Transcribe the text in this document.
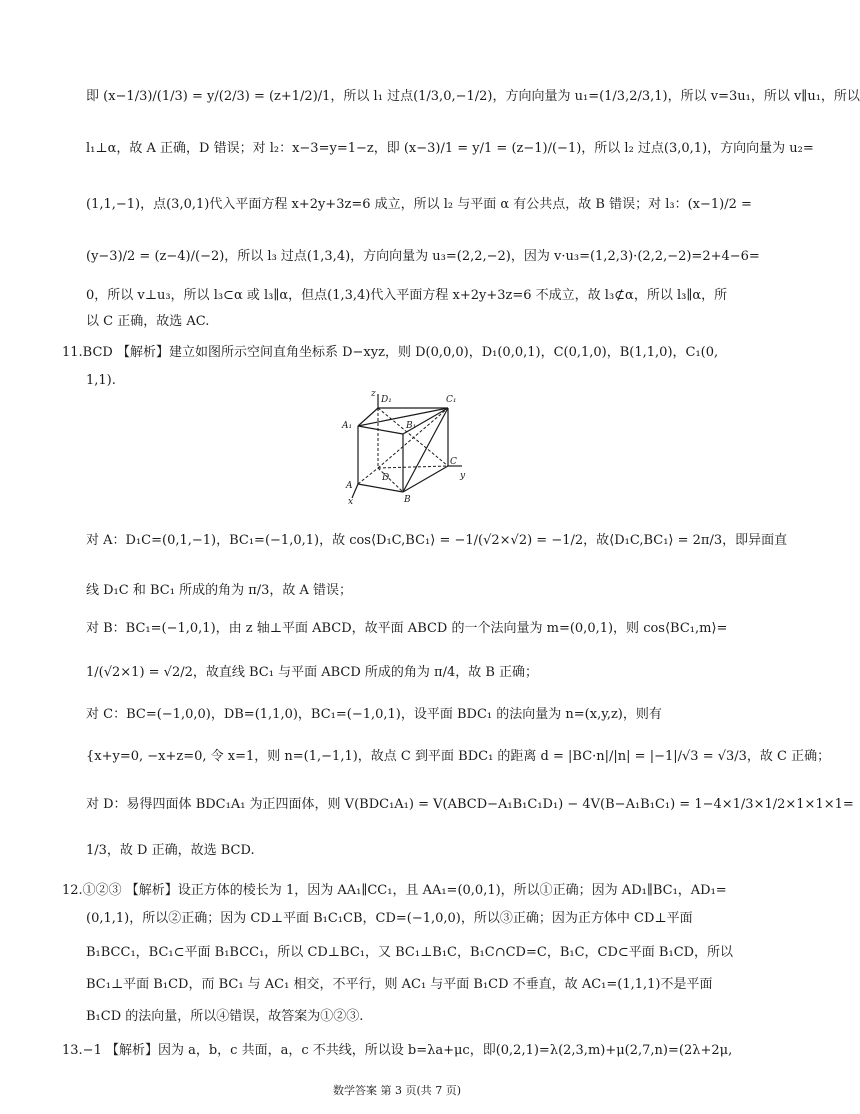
即 (x−1/3)/(1/3) = y/(2/3) = (z+1/2)/1，所以 l₁ 过点(1/3,0,−1/2)，方向向量为 u₁=(1/3,2/3,1)，所以 v=3u₁，所以 v∥u₁，所以
l₁⊥α，故 A 正确，D 错误；对 l₂：x−3=y=1−z，即 (x−3)/1 = y/1 = (z−1)/(−1)，所以 l₂ 过点(3,0,1)，方向向量为 u₂=
(1,1,−1)，点(3,0,1)代入平面方程 x+2y+3z=6 成立，所以 l₂ 与平面 α 有公共点，故 B 错误；对 l₃：(x−1)/2 =
(y−3)/2 = (z−4)/(−2)，所以 l₃ 过点(1,3,4)，方向向量为 u₃=(2,2,−2)，因为 v·u₃=(1,2,3)·(2,2,−2)=2+4−6=
0，所以 v⊥u₃，所以 l₃⊂α 或 l₃∥α，但点(1,3,4)代入平面方程 x+2y+3z=6 不成立，故 l₃⊄α，所以 l₃∥α，所
以 C 正确，故选 AC.
11.BCD 【解析】建立如图所示空间直角坐标系 D−xyz，则 D(0,0,0)，D₁(0,0,1)，C(0,1,0)，B(1,1,0)，C₁(0,
1,1).
z
D₁	C₁
A₁	B₁
C
y
D
A
B
x
对 A：D₁C=(0,1,−1)，BC₁=(−1,0,1)，故 cos⟨D₁C,BC₁⟩ = −1/(√2×√2) = −1/2，故⟨D₁C,BC₁⟩ = 2π/3，即异面直
线 D₁C 和 BC₁ 所成的角为 π/3，故 A 错误；
对 B：BC₁=(−1,0,1)，由 z 轴⊥平面 ABCD，故平面 ABCD 的一个法向量为 m=(0,0,1)，则 cos⟨BC₁,m⟩=
1/(√2×1) = √2/2，故直线 BC₁ 与平面 ABCD 所成的角为 π/4，故 B 正确；
对 C：BC=(−1,0,0)，DB=(1,1,0)，BC₁=(−1,0,1)，设平面 BDC₁ 的法向量为 n=(x,y,z)，则有
{x+y=0, −x+z=0, 令 x=1，则 n=(1,−1,1)，故点 C 到平面 BDC₁ 的距离 d = |BC·n|/|n| = |−1|/√3 = √3/3，故 C 正确；
对 D：易得四面体 BDC₁A₁ 为正四面体，则 V(BDC₁A₁) = V(ABCD−A₁B₁C₁D₁) − 4V(B−A₁B₁C₁) = 1−4×1/3×1/2×1×1×1=
1/3，故 D 正确，故选 BCD.
12.①②③ 【解析】设正方体的棱长为 1，因为 AA₁∥CC₁，且 AA₁=(0,0,1)，所以①正确；因为 AD₁∥BC₁，AD₁=
(0,1,1)，所以②正确；因为 CD⊥平面 B₁C₁CB，CD=(−1,0,0)，所以③正确；因为正方体中 CD⊥平面
B₁BCC₁，BC₁⊂平面 B₁BCC₁，所以 CD⊥BC₁，又 BC₁⊥B₁C，B₁C∩CD=C，B₁C，CD⊂平面 B₁CD，所以
BC₁⊥平面 B₁CD，而 BC₁ 与 AC₁ 相交，不平行，则 AC₁ 与平面 B₁CD 不垂直，故 AC₁=(1,1,1)不是平面
B₁CD 的法向量，所以④错误，故答案为①②③.
13.−1 【解析】因为 a，b，c 共面，a，c 不共线，所以设 b=λa+μc，即(0,2,1)=λ(2,3,m)+μ(2,7,n)=(2λ+2μ,
数学答案 第 3 页(共 7 页)
